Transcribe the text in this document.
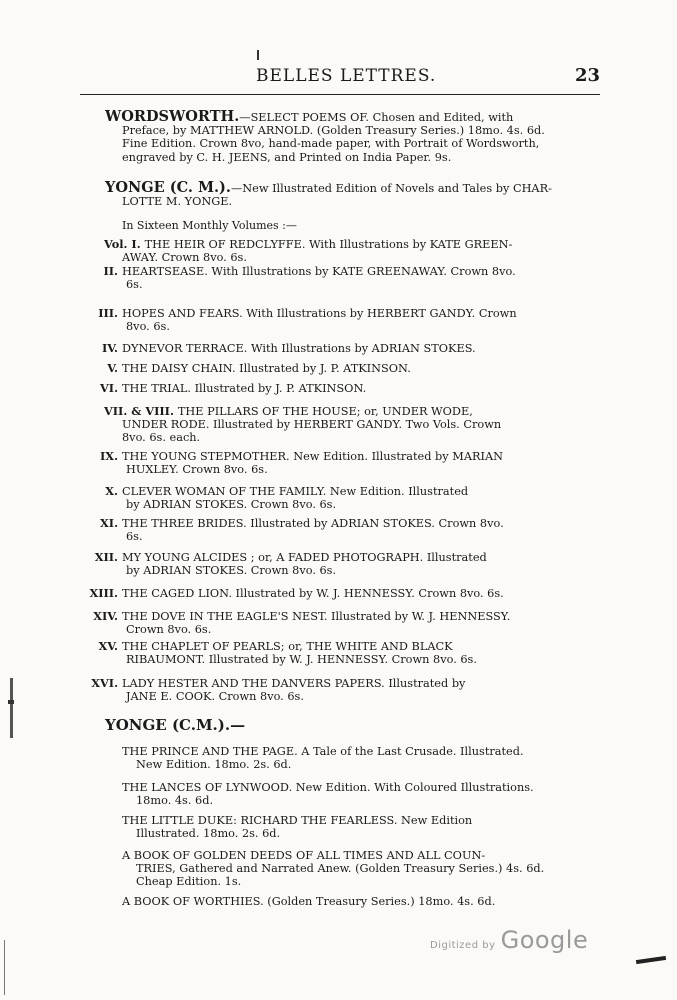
BELLES LETTRES.	23
WORDSWORTH.—SELECT POEMS OF. Chosen and Edited, with
Preface, by MATTHEW ARNOLD. (Golden Treasury Series.) 18mo. 4s. 6d.
Fine Edition. Crown 8vo, hand-made paper, with Portrait of Wordsworth,
engraved by C. H. JEENS, and Printed on India Paper. 9s.
YONGE (C. M.).—New Illustrated Edition of Novels and Tales by CHAR-
LOTTE M. YONGE.
In Sixteen Monthly Volumes :—
Vol. I. THE HEIR OF REDCLYFFE. With Illustrations by KATE GREEN-
AWAY. Crown 8vo. 6s.
II. HEARTSEASE. With Illustrations by KATE GREENAWAY. Crown 8vo.
6s.
III. HOPES AND FEARS. With Illustrations by HERBERT GANDY. Crown
8vo. 6s.
IV. DYNEVOR TERRACE. With Illustrations by ADRIAN STOKES.
V. THE DAISY CHAIN. Illustrated by J. P. ATKINSON.
VI. THE TRIAL. Illustrated by J. P. ATKINSON.
VII. & VIII. THE PILLARS OF THE HOUSE; or, UNDER WODE,
UNDER RODE. Illustrated by HERBERT GANDY. Two Vols. Crown
8vo. 6s. each.
IX. THE YOUNG STEPMOTHER. New Edition. Illustrated by MARIAN
HUXLEY. Crown 8vo. 6s.
X. CLEVER WOMAN OF THE FAMILY. New Edition. Illustrated
by ADRIAN STOKES. Crown 8vo. 6s.
XI. THE THREE BRIDES. Illustrated by ADRIAN STOKES. Crown 8vo.
6s.
XII. MY YOUNG ALCIDES ; or, A FADED PHOTOGRAPH. Illustrated
by ADRIAN STOKES. Crown 8vo. 6s.
XIII. THE CAGED LION. Illustrated by W. J. HENNESSY. Crown 8vo. 6s.
XIV. THE DOVE IN THE EAGLE'S NEST. Illustrated by W. J. HENNESSY.
Crown 8vo. 6s.
XV. THE CHAPLET OF PEARLS; or, THE WHITE AND BLACK
RIBAUMONT. Illustrated by W. J. HENNESSY. Crown 8vo. 6s.
XVI. LADY HESTER AND THE DANVERS PAPERS. Illustrated by
JANE E. COOK. Crown 8vo. 6s.
YONGE (C.M.).—
THE PRINCE AND THE PAGE. A Tale of the Last Crusade. Illustrated.
New Edition. 18mo. 2s. 6d.
THE LANCES OF LYNWOOD. New Edition. With Coloured Illustrations.
18mo. 4s. 6d.
THE LITTLE DUKE: RICHARD THE FEARLESS. New Edition
Illustrated. 18mo. 2s. 6d.
A BOOK OF GOLDEN DEEDS OF ALL TIMES AND ALL COUN-
TRIES, Gathered and Narrated Anew. (Golden Treasury Series.) 4s. 6d.
Cheap Edition. 1s.
A BOOK OF WORTHIES. (Golden Treasury Series.) 18mo. 4s. 6d.
Digitized by Google
